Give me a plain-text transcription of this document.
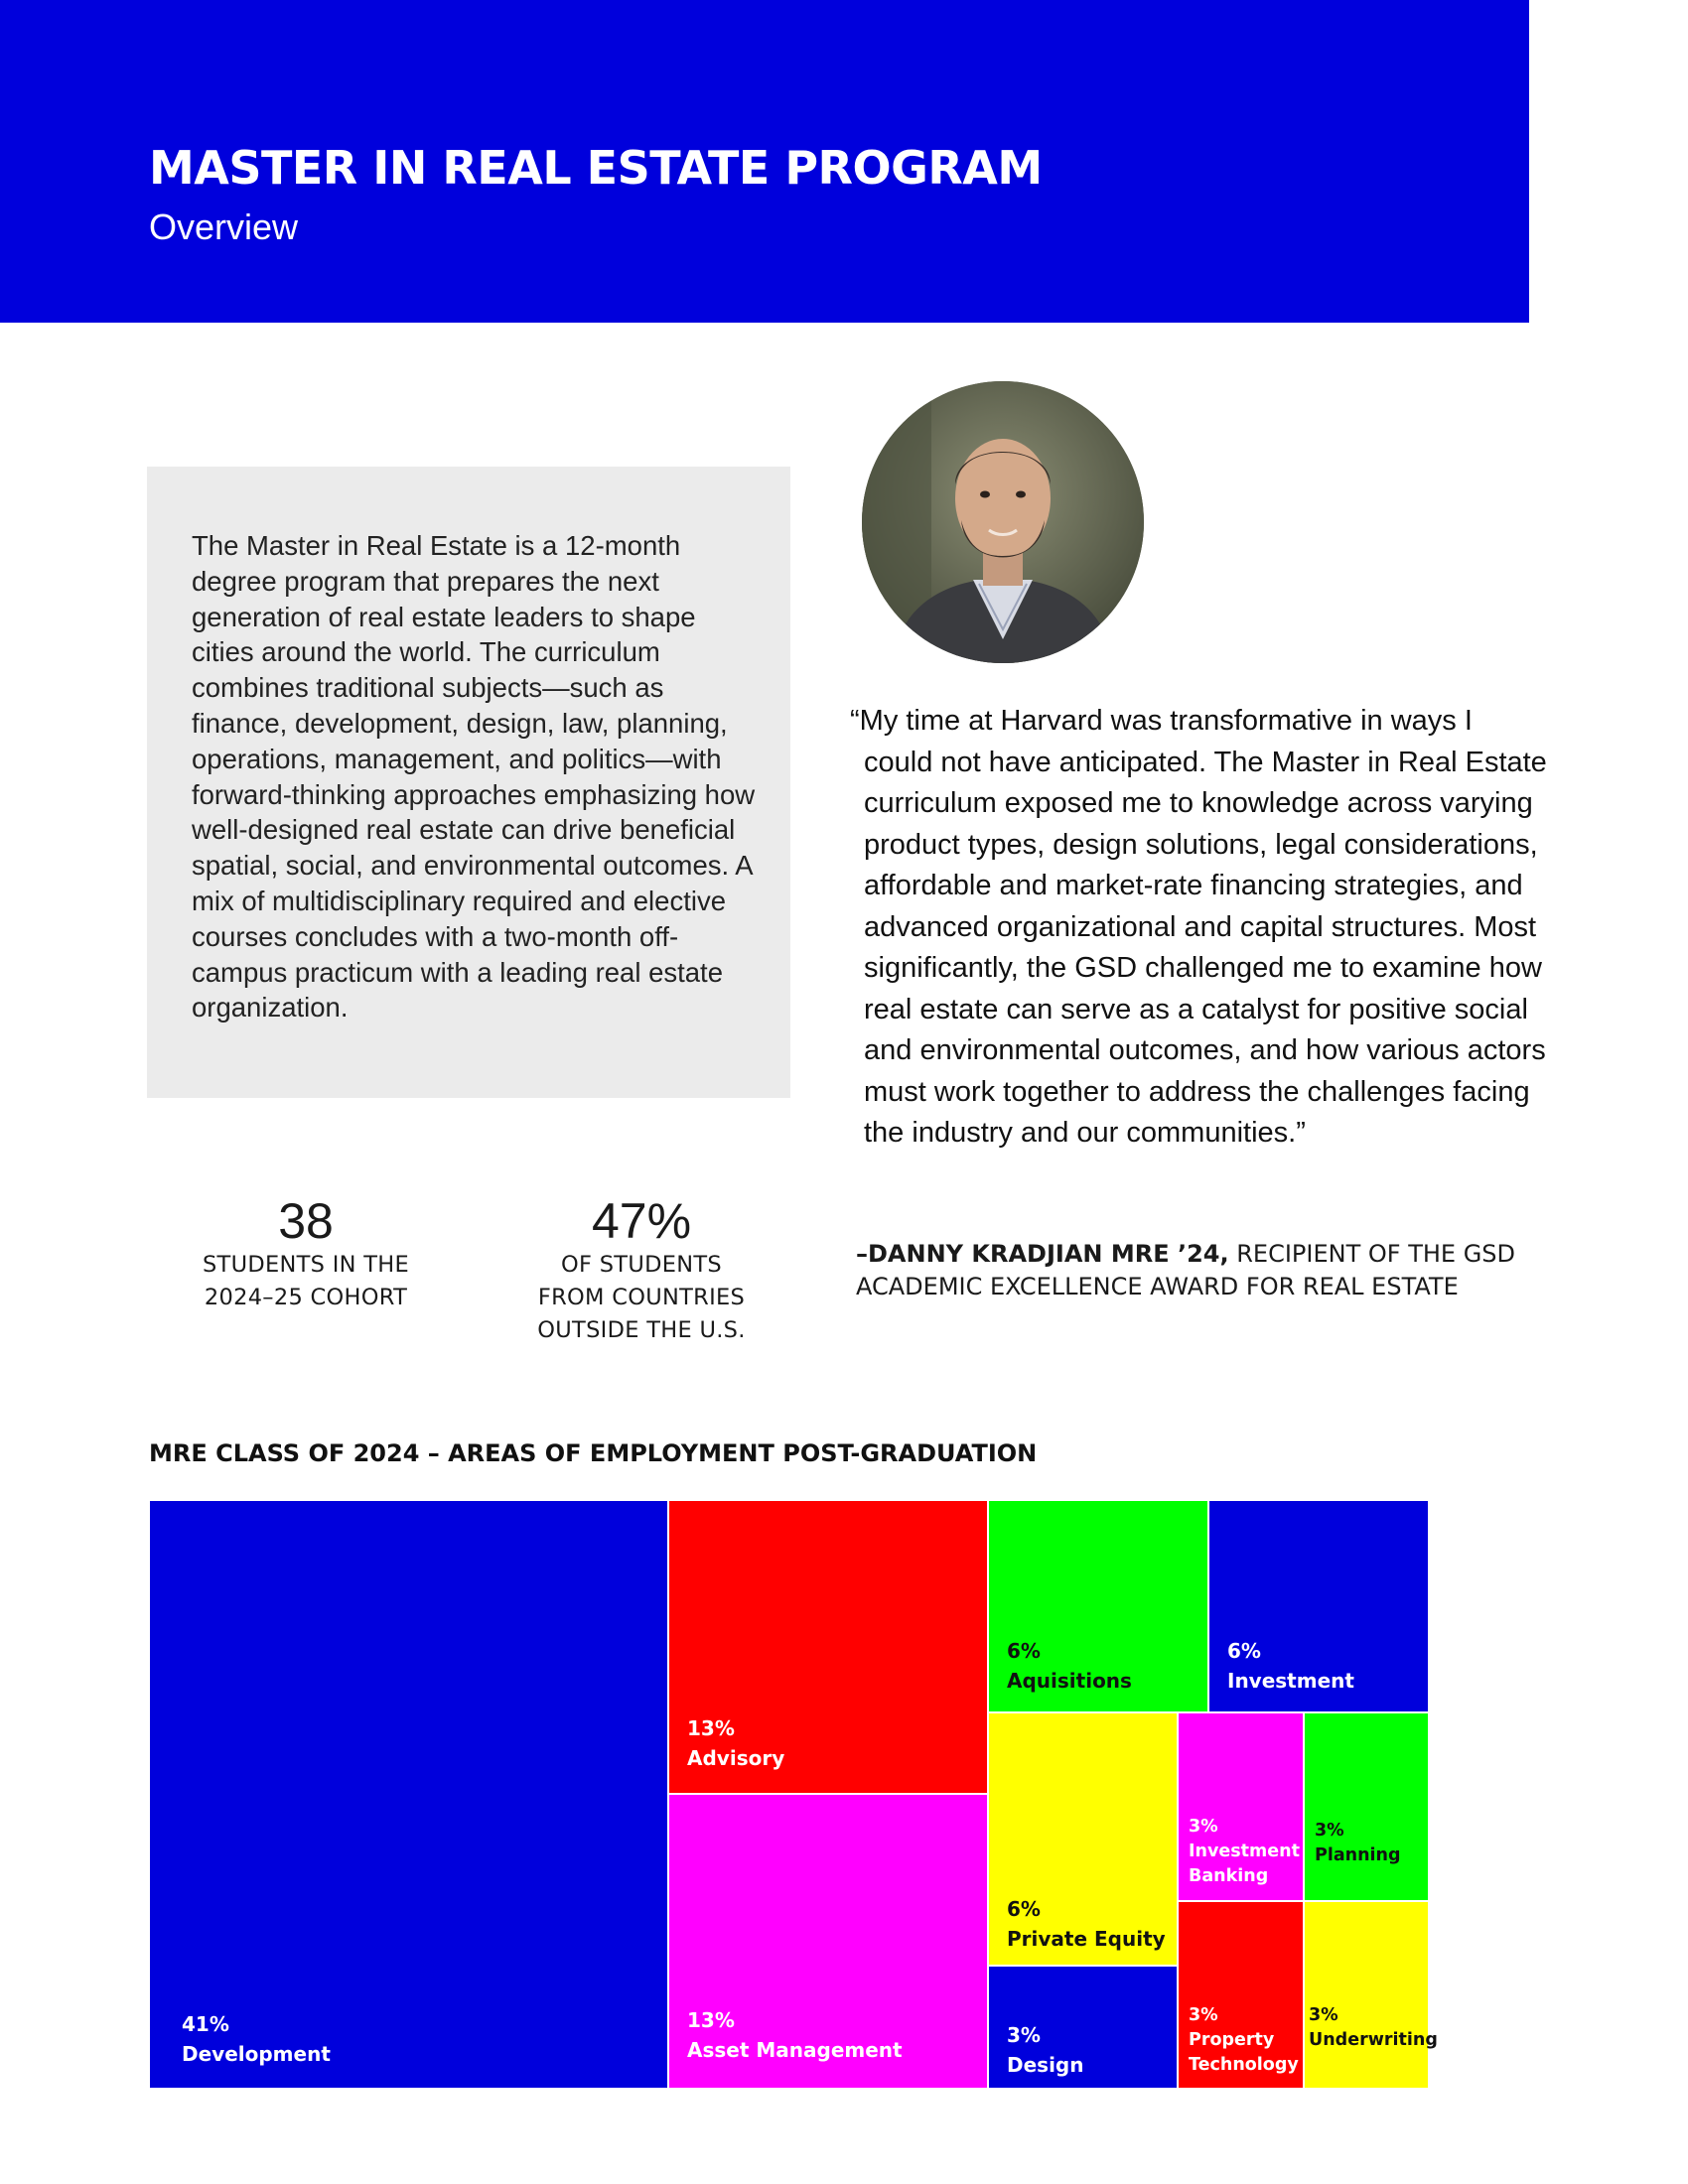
MASTER IN REAL ESTATE PROGRAM
Overview
The Master in Real Estate is a 12-month degree program that prepares the next generation of real estate leaders to shape cities around the world. The curriculum combines traditional subjects—such as finance, development, design, law, planning, operations, management, and politics—with forward-thinking approaches emphasizing how well-designed real estate can drive beneficial spatial, social, and environmental outcomes. A mix of multidisciplinary required and elective courses concludes with a two-month off-campus practicum with a leading real estate organization.
38
STUDENTS IN THE
2024–25 COHORT
47%
OF STUDENTS
FROM COUNTRIES
OUTSIDE THE U.S.
“My time at Harvard was transformative in ways I could not have anticipated. The Master in Real Estate curriculum exposed me to knowledge across varying product types, design solutions, legal considerations, affordable and market-rate financing strategies, and advanced organizational and capital structures. Most significantly, the GSD challenged me to examine how real estate can serve as a catalyst for positive social and environmental outcomes, and how various actors must work together to address the challenges facing the industry and our communities.”
–DANNY KRADJIAN MRE ’24, RECIPIENT OF THE GSD ACADEMIC EXCELLENCE AWARD FOR REAL ESTATE
MRE CLASS OF 2024 – AREAS OF EMPLOYMENT POST-GRADUATION
41%
Development
13%
Advisory
13%
Asset Management
6%
Aquisitions
6%
Investment
6%
Private Equity
3%
Design
3%
Investment Banking
3%
Planning
3%
Property Technology
3%
Underwriting
